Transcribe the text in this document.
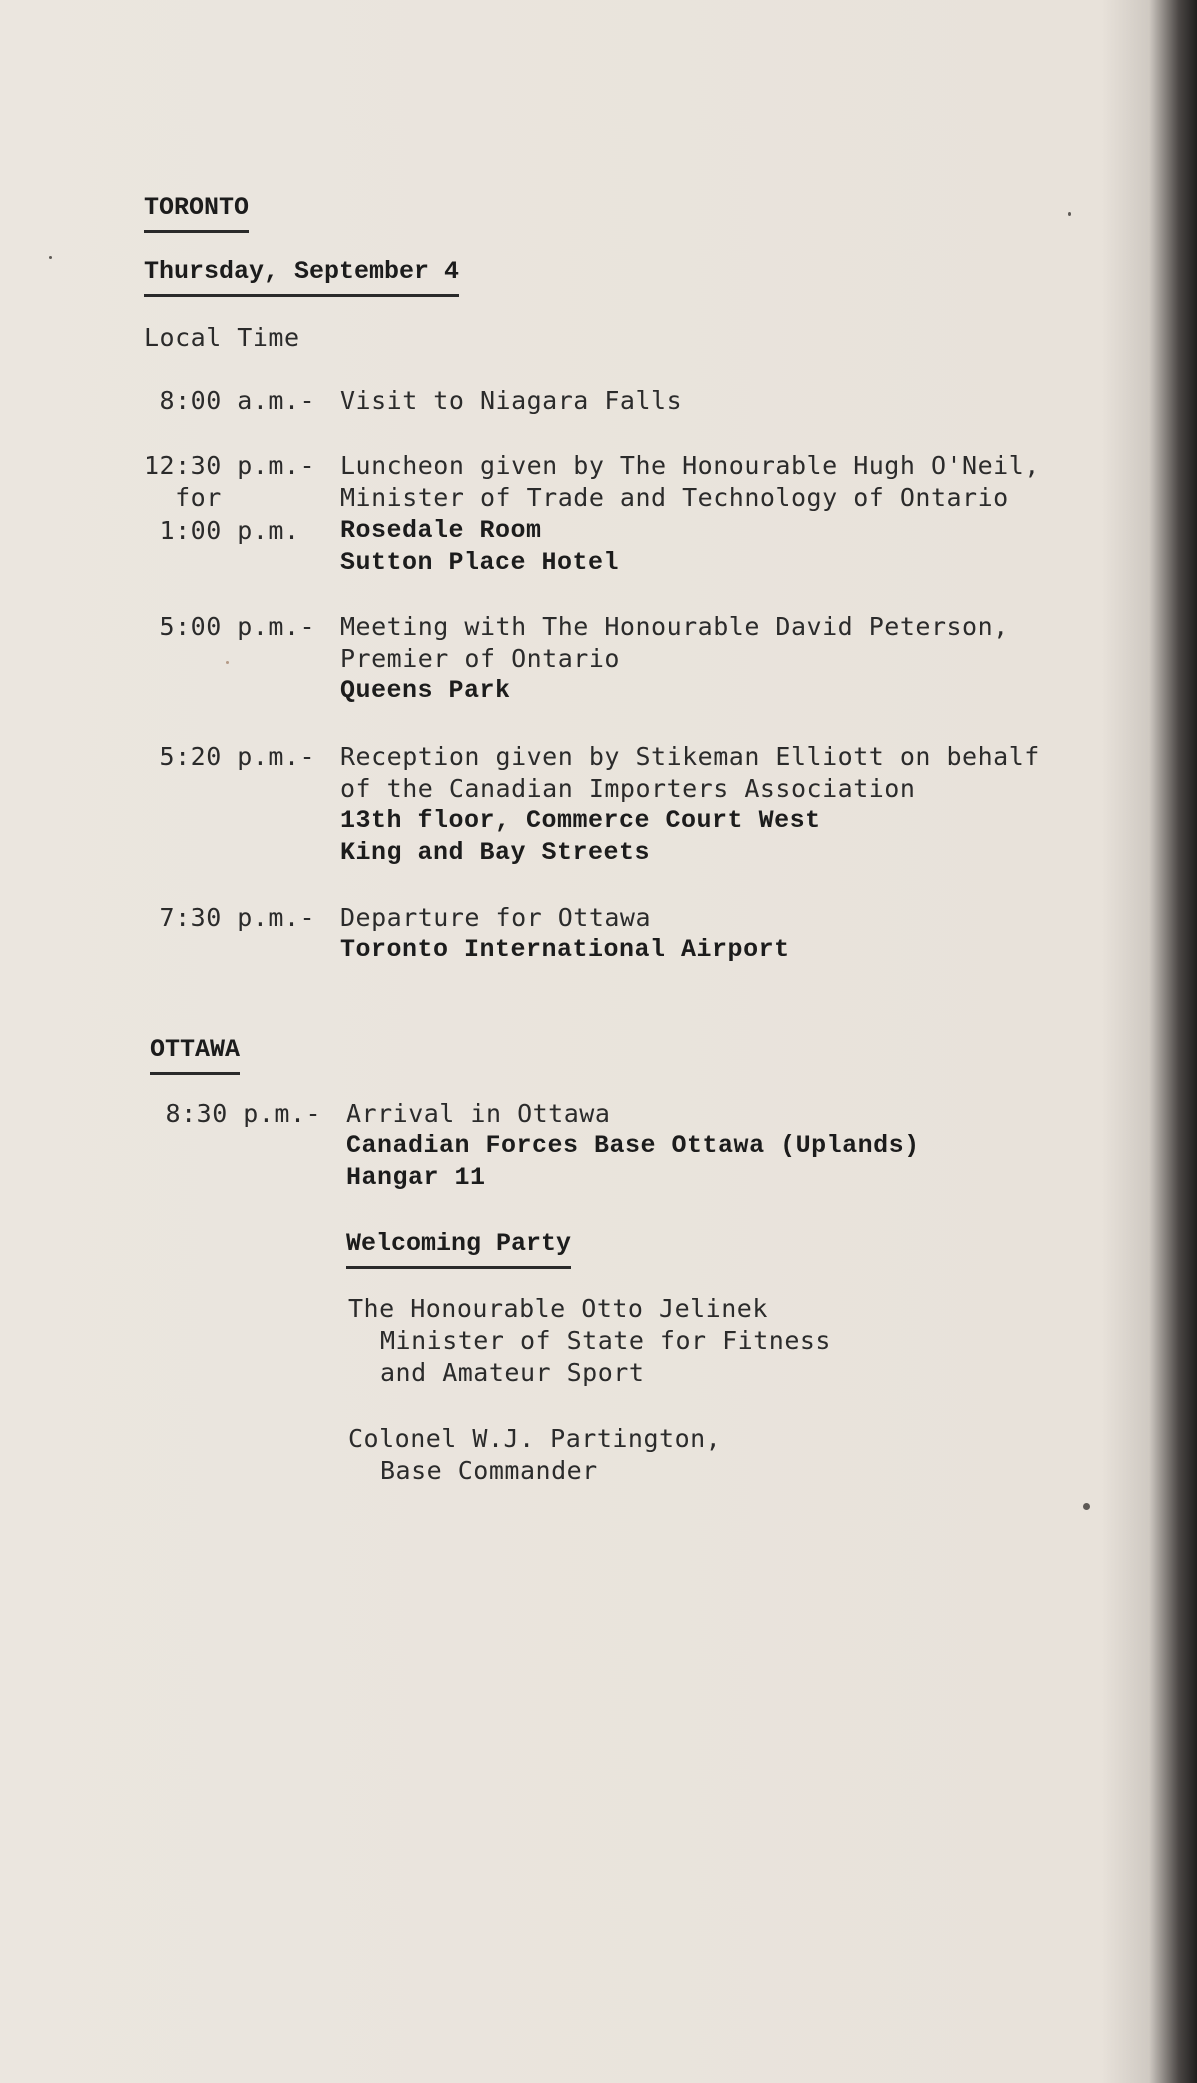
TORONTO
Thursday, September 4
Local Time
8:00 a.m.- Visit to Niagara Falls
12:30 p.m.-
for
1:00 p.m.
Luncheon given by The Honourable Hugh O'Neil,
Minister of Trade and Technology of Ontario
Rosedale Room
Sutton Place Hotel
5:00 p.m.- Meeting with The Honourable David Peterson,
Premier of Ontario
Queens Park
5:20 p.m.- Reception given by Stikeman Elliott on behalf
of the Canadian Importers Association
13th floor, Commerce Court West
King and Bay Streets
7:30 p.m.- Departure for Ottawa
Toronto International Airport
OTTAWA
8:30 p.m.- Arrival in Ottawa
Canadian Forces Base Ottawa (Uplands)
Hangar 11
Welcoming Party
The Honourable Otto Jelinek
Minister of State for Fitness
and Amateur Sport
Colonel W.J. Partington,
Base Commander
